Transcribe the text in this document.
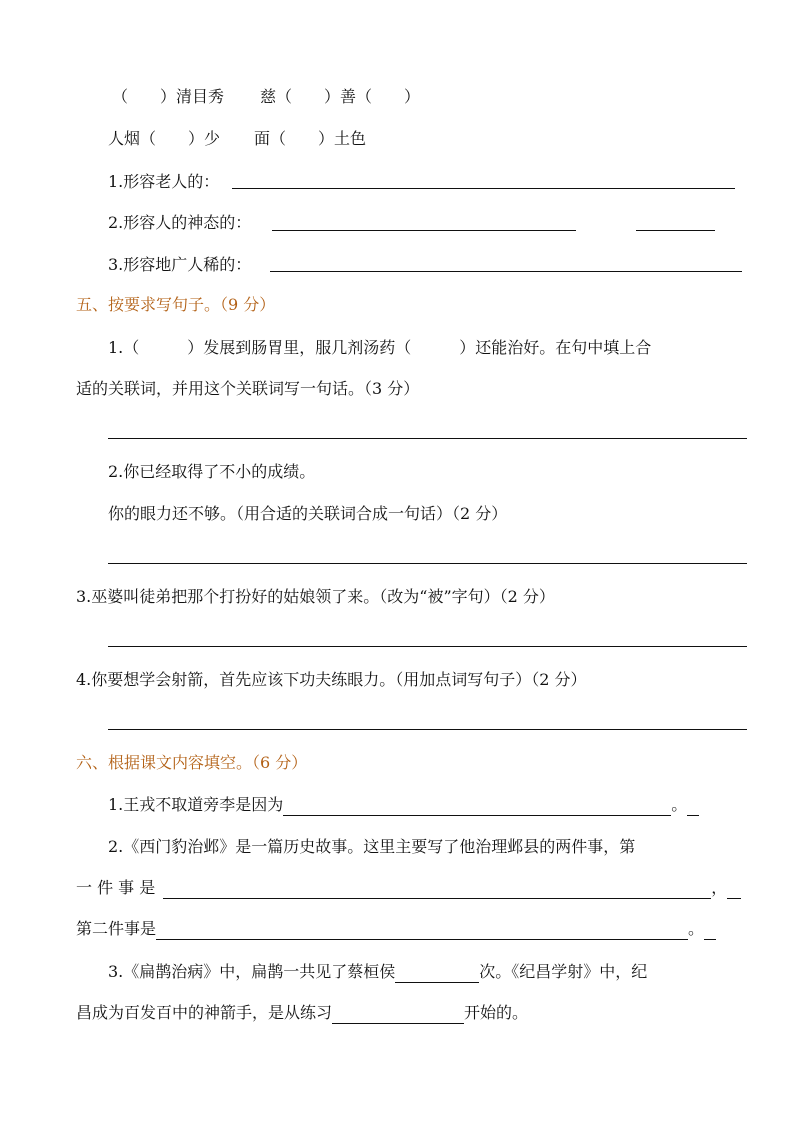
（　　）清目秀 慈（　　）善（　　）
人烟（　　）少 面（　　）土色
1.形容老人的：
2.形容人的神态的：
3.形容地广人稀的：
五、按要求写句子。（9 分）
1.（　　　）发展到肠胃里，服几剂汤药（　　　）还能治好。在句中填上合
适的关联词，并用这个关联词写一句话。（3 分）
2.你已经取得了不小的成绩。
你的眼力还不够。（用合适的关联词合成一句话）（2 分）
3.巫婆叫徒弟把那个打扮好的姑娘领了来。（改为“被”字句）（2 分）
4.你要想学会射箭，首先应该下功夫练眼力。（用加点词写句子）（2 分）
六、根据课文内容填空。（6 分）
1.王戎不取道旁李是因为	。
2.《西门豹治邺》是一篇历史故事。这里主要写了他治理邺县的两件事，第
一 件 事 是	，
第二件事是	。
3.《扁鹊治病》中，扁鹊一共见了蔡桓侯	次。《纪昌学射》中，纪
昌成为百发百中的神箭手，是从练习	开始的。
